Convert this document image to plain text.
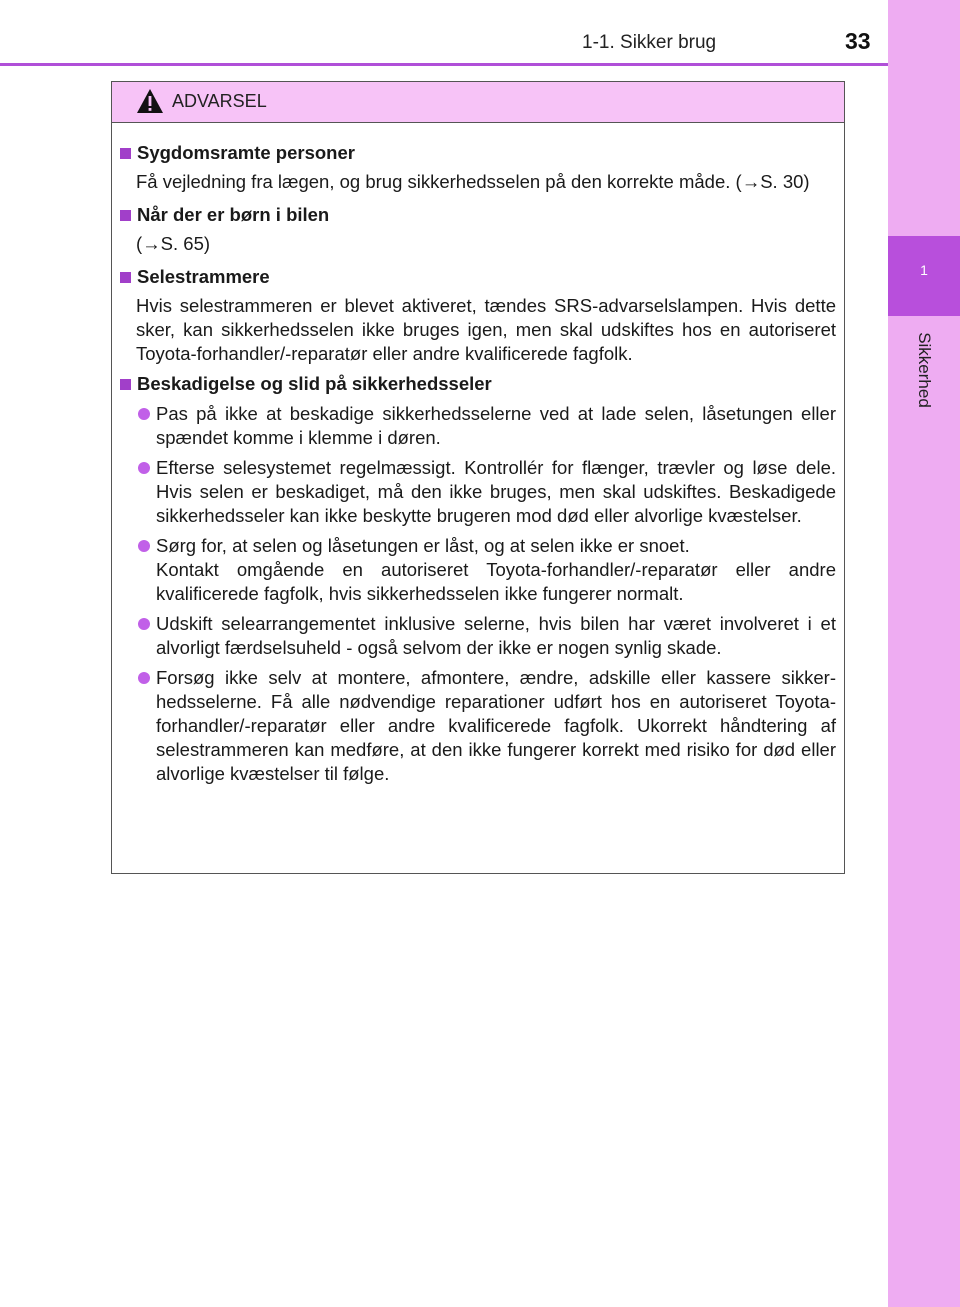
1-1. Sikker brug	33
1
Sikkerhed
ADVARSEL
Sygdomsramte personer
Få vejledning fra lægen, og brug sikkerhedsselen på den korrekte måde. (→S. 30)
Når der er børn i bilen
(→S. 65)
Selestrammere
Hvis selestrammeren er blevet aktiveret, tændes SRS-advarselslampen. Hvis dette sker, kan sikkerhedsselen ikke bruges igen, men skal udskiftes hos en autoriseret Toyota-forhandler/-reparatør eller andre kvalificerede fagfolk.
Beskadigelse og slid på sikkerhedsseler
Pas på ikke at beskadige sikkerhedsselerne ved at lade selen, låsetungen eller spændet komme i klemme i døren.
Efterse selesystemet regelmæssigt. Kontrollér for flænger, trævler og løse dele. Hvis selen er beskadiget, må den ikke bruges, men skal udskiftes. Beskadigede sikkerhedsseler kan ikke beskytte brugeren mod død eller alvorlige kvæstelser.
Sørg for, at selen og låsetungen er låst, og at selen ikke er snoet.
Kontakt omgående en autoriseret Toyota-forhandler/-reparatør eller andre kvalificerede fagfolk, hvis sikkerhedsselen ikke fungerer normalt.
Udskift selearrangementet inklusive selerne, hvis bilen har været involveret i et alvorligt færdselsuheld - også selvom der ikke er nogen synlig skade.
Forsøg ikke selv at montere, afmontere, ændre, adskille eller kassere sikker-hedsselerne. Få alle nødvendige reparationer udført hos en autoriseret Toyota-forhandler/-reparatør eller andre kvalificerede fagfolk. Ukorrekt håndtering af selestrammeren kan medføre, at den ikke fungerer korrekt med risiko for død eller alvorlige kvæstelser til følge.
